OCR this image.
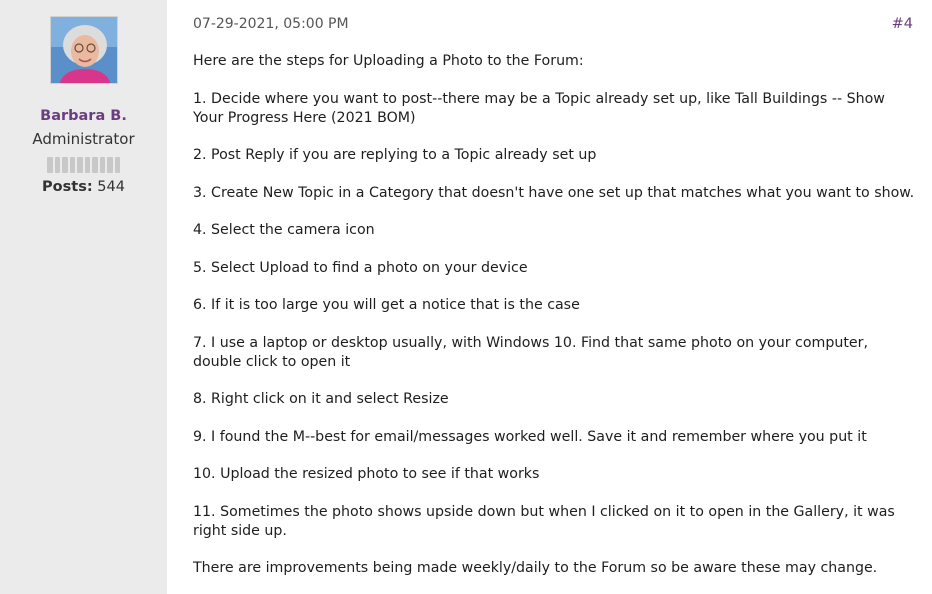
Barbara B.
Administrator
Posts: 544
07-29-2021, 05:00 PM	#4

Here are the steps for Uploading a Photo to the Forum:

1. Decide where you want to post--there may be a Topic already set up, like Tall Buildings -- Show Your Progress Here (2021 BOM)

2. Post Reply if you are replying to a Topic already set up

3. Create New Topic in a Category that doesn't have one set up that matches what you want to show.

4. Select the camera icon

5. Select Upload to find a photo on your device

6. If it is too large you will get a notice that is the case

7. I use a laptop or desktop usually, with Windows 10. Find that same photo on your computer, double click to open it

8. Right click on it and select Resize

9. I found the M--best for email/messages worked well. Save it and remember where you put it

10. Upload the resized photo to see if that works

11. Sometimes the photo shows upside down but when I clicked on it to open in the Gallery, it was right side up.

There are improvements being made weekly/daily to the Forum so be aware these may change.
